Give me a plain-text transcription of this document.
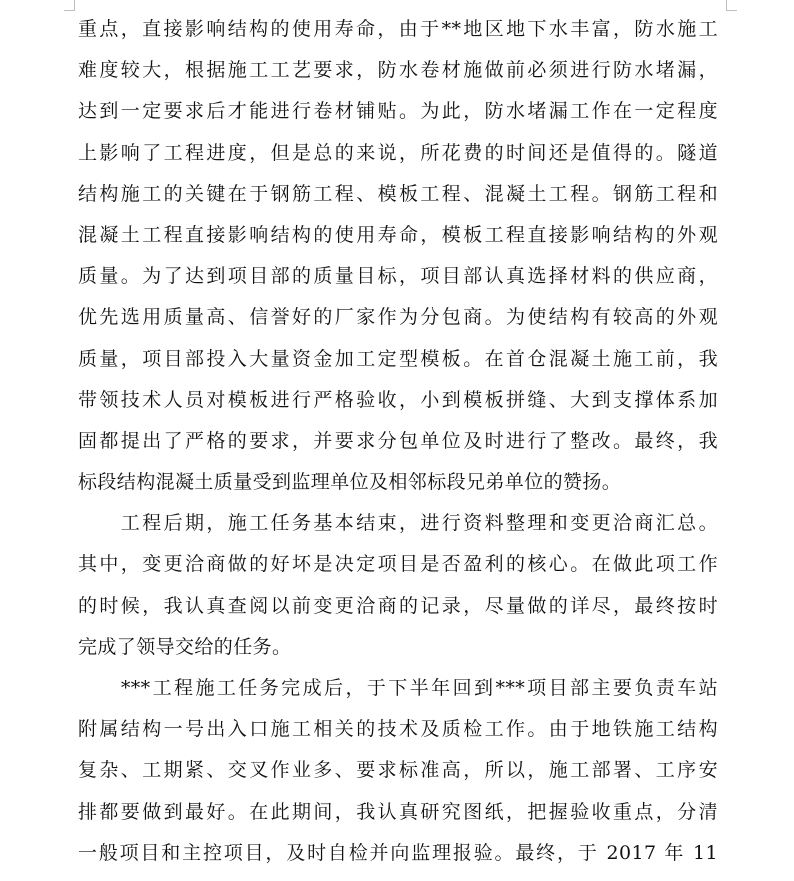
重点，直接影响结构的使用寿命，由于**地区地下水丰富，防水施工
难度较大，根据施工工艺要求，防水卷材施做前必须进行防水堵漏，
达到一定要求后才能进行卷材铺贴。为此，防水堵漏工作在一定程度
上影响了工程进度，但是总的来说，所花费的时间还是值得的。隧道
结构施工的关键在于钢筋工程、模板工程、混凝土工程。钢筋工程和
混凝土工程直接影响结构的使用寿命，模板工程直接影响结构的外观
质量。为了达到项目部的质量目标，项目部认真选择材料的供应商，
优先选用质量高、信誉好的厂家作为分包商。为使结构有较高的外观
质量，项目部投入大量资金加工定型模板。在首仓混凝土施工前，我
带领技术人员对模板进行严格验收，小到模板拼缝、大到支撑体系加
固都提出了严格的要求，并要求分包单位及时进行了整改。最终，我
标段结构混凝土质量受到监理单位及相邻标段兄弟单位的赞扬。
　　工程后期，施工任务基本结束，进行资料整理和变更洽商汇总。
其中，变更洽商做的好坏是决定项目是否盈利的核心。在做此项工作
的时候，我认真查阅以前变更洽商的记录，尽量做的详尽，最终按时
完成了领导交给的任务。
　　***工程施工任务完成后，于下半年回到***项目部主要负责车站
附属结构一号出入口施工相关的技术及质检工作。由于地铁施工结构
复杂、工期紧、交叉作业多、要求标准高，所以，施工部署、工序安
排都要做到最好。在此期间，我认真研究图纸，把握验收重点，分清
一般项目和主控项目，及时自检并向监理报验。最终，于 2017 年 11
